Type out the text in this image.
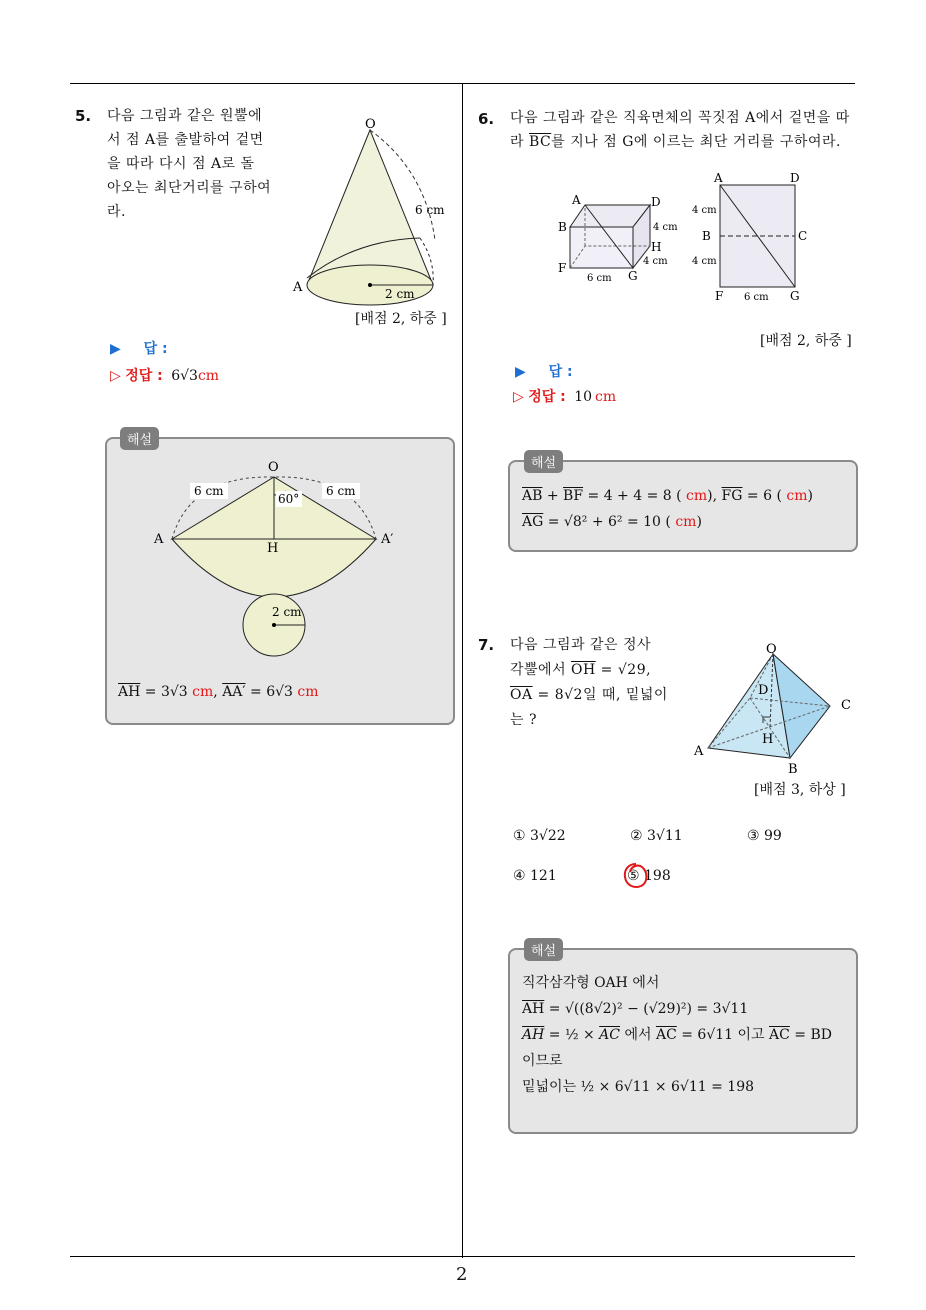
5. 다음 그림과 같은 원뿔에
서 점 A를 출발하여 겉면
을 따라 다시 점 A로 돌
아오는 최단거리를 구하여
라.
O
A
6 cm
2 cm
[배점 2, 하중 ]
▶ 답 :
▷ 정답 : 6√3cm
해설
O
A	A′
H
6 cm	6 cm
60°
2 cm
$\overline{AH} = 3√3$ cm, AA′ = 6√3 cm
6. 다음 그림과 같은 직육면체의 꼭짓점 A에서 겉면을 따
라 $\overline{BC}$를 지나 점 G에 이르는 최단 거리를 구하여라.
A
B
D
H
F
G
4 cm
4 cm
6 cm
A	D
B	C
F	G
4 cm
4 cm
6 cm
[배점 2, 하중 ]
▶ 답 :
▷ 정답 : 10 cm
해설
$\overline{AB} + \overline{BF} = 4 + 4 = 8$ ( cm), $\overline{FG} = 6$ ( cm)
$\overline{AG} = √8^2 + 6^2 = 10$ ( cm)
7. 다음 그림과 같은 정사
각뿔에서 $\overline{OH} = √29$,
$\overline{OA} = 8√2$일 때, 밑넓이
는 ?
O
D
C
H
A
B
[배점 3, 하상 ]
① 3√22	② 3√11	③ 99
④ 121	⑤ 198
해설
직각삼각형 OAH 에서
$\overline{AH} = √((8√2)^2 - (√29)^2) = 3√11$
$\overline{AH}$ = ½ × $\overline{AC}$ 에서 $\overline{AC} = 6√11$ 이고 $\overline{AC}$ = BD
이므로
밑넓이는 ½ × 6√11 × 6√11 = 198
2
